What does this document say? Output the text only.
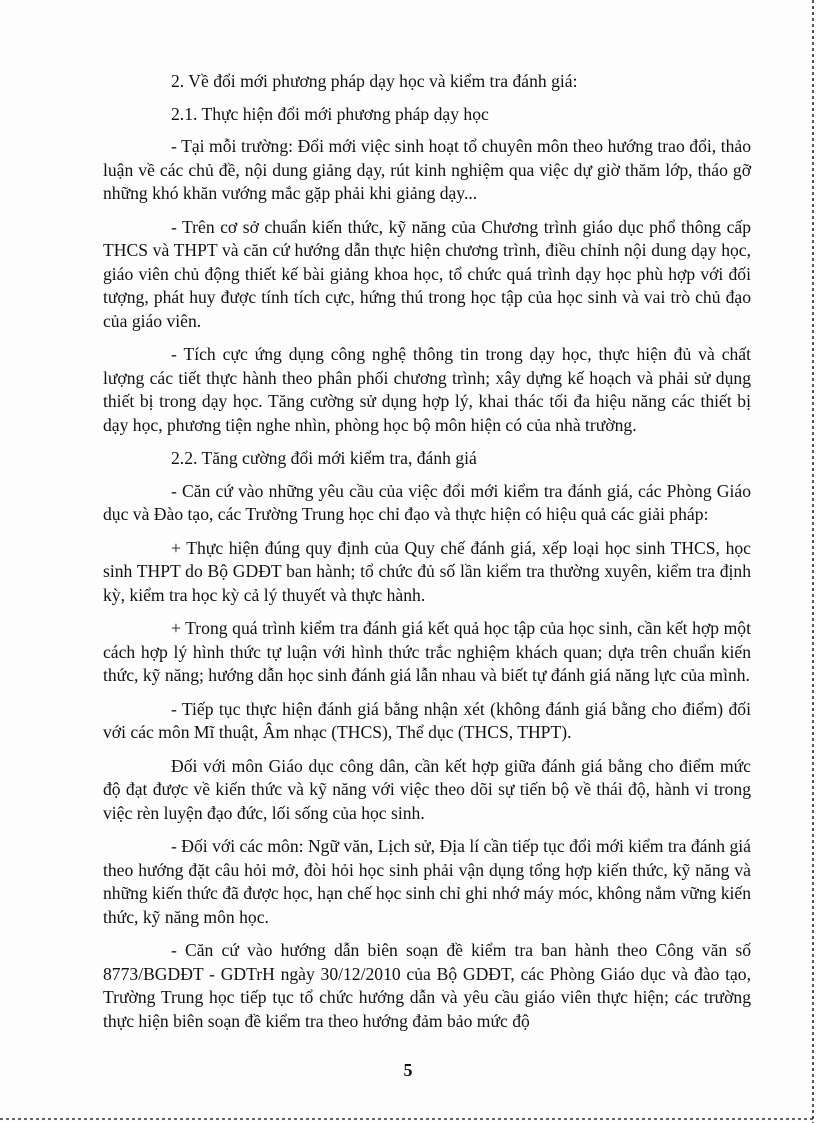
2. Về đổi mới phương pháp dạy học và kiểm tra đánh giá:

2.1. Thực hiện đổi mới phương pháp dạy học

- Tại mỗi trường: Đổi mới việc sinh hoạt tổ chuyên môn theo hướng trao đổi, thảo luận về các chủ đề, nội dung giảng dạy, rút kinh nghiệm qua việc dự giờ thăm lớp, tháo gỡ những khó khăn vướng mắc gặp phải khi giảng dạy...

- Trên cơ sở chuẩn kiến thức, kỹ năng của Chương trình giáo dục phổ thông cấp THCS và THPT và căn cứ hướng dẫn thực hiện chương trình, điều chỉnh nội dung dạy học, giáo viên chủ động thiết kế bài giảng khoa học, tổ chức quá trình dạy học phù hợp với đối tượng, phát huy được tính tích cực, hứng thú trong học tập của học sinh và vai trò chủ đạo của giáo viên.

- Tích cực ứng dụng công nghệ thông tin trong dạy học, thực hiện đủ và chất lượng các tiết thực hành theo phân phối chương trình; xây dựng kế hoạch và phải sử dụng thiết bị trong dạy học. Tăng cường sử dụng hợp lý, khai thác tối đa hiệu năng các thiết bị dạy học, phương tiện nghe nhìn, phòng học bộ môn hiện có của nhà trường.

2.2. Tăng cường đổi mới kiểm tra, đánh giá

- Căn cứ vào những yêu cầu của việc đổi mới kiểm tra đánh giá, các Phòng Giáo dục và Đào tạo, các Trường Trung học chỉ đạo và thực hiện có hiệu quả các giải pháp:

+ Thực hiện đúng quy định của Quy chế đánh giá, xếp loại học sinh THCS, học sinh THPT do Bộ GDĐT ban hành; tổ chức đủ số lần kiểm tra thường xuyên, kiểm tra định kỳ, kiểm tra học kỳ cả lý thuyết và thực hành.

+ Trong quá trình kiểm tra đánh giá kết quả học tập của học sinh, cần kết hợp một cách hợp lý hình thức tự luận với hình thức trắc nghiệm khách quan; dựa trên chuẩn kiến thức, kỹ năng; hướng dẫn học sinh đánh giá lẫn nhau và biết tự đánh giá năng lực của mình.

- Tiếp tục thực hiện đánh giá bằng nhận xét (không đánh giá bằng cho điểm) đối với các môn Mĩ thuật, Âm nhạc (THCS), Thể dục (THCS, THPT).

Đối với môn Giáo dục công dân, cần kết hợp giữa đánh giá bằng cho điểm mức độ đạt được về kiến thức và kỹ năng với việc theo dõi sự tiến bộ về thái độ, hành vi trong việc rèn luyện đạo đức, lối sống của học sinh.

- Đối với các môn: Ngữ văn, Lịch sử, Địa lí cần tiếp tục đổi mới kiểm tra đánh giá theo hướng đặt câu hỏi mở, đòi hỏi học sinh phải vận dụng tổng hợp kiến thức, kỹ năng và những kiến thức đã được học, hạn chế học sinh chỉ ghi nhớ máy móc, không nắm vững kiến thức, kỹ năng môn học.

- Căn cứ vào hướng dẫn biên soạn đề kiểm tra ban hành theo Công văn số 8773/BGDĐT - GDTrH ngày 30/12/2010 của Bộ GDĐT, các Phòng Giáo dục và đào tạo, Trường Trung học tiếp tục tổ chức hướng dẫn và yêu cầu giáo viên thực hiện; các trường thực hiện biên soạn đề kiểm tra theo hướng đảm bảo mức độ

5
